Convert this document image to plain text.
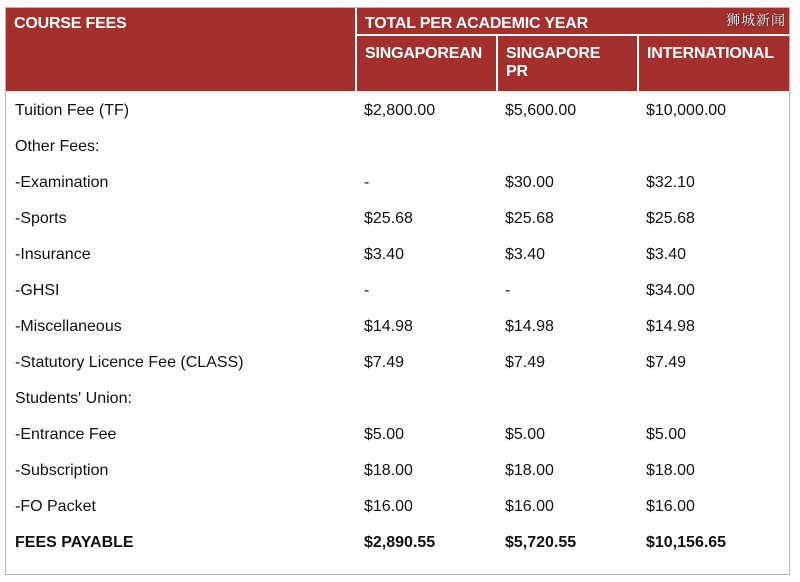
狮城新闻
COURSE FEES	TOTAL PER ACADEMIC YEAR		
	SINGAPOREAN	SINGAPORE PR	INTERNATIONAL
Tuition Fee (TF)	$2,800.00	$5,600.00	$10,000.00
Other Fees:			
-Examination	-	$30.00	$32.10
-Sports	$25.68	$25.68	$25.68
-Insurance	$3.40	$3.40	$3.40
-GHSI	-	-	$34.00
-Miscellaneous	$14.98	$14.98	$14.98
-Statutory Licence Fee (CLASS)	$7.49	$7.49	$7.49
Students' Union:			
-Entrance Fee	$5.00	$5.00	$5.00
-Subscription	$18.00	$18.00	$18.00
-FO Packet	$16.00	$16.00	$16.00
FEES PAYABLE	$2,890.55	$5,720.55	$10,156.65
